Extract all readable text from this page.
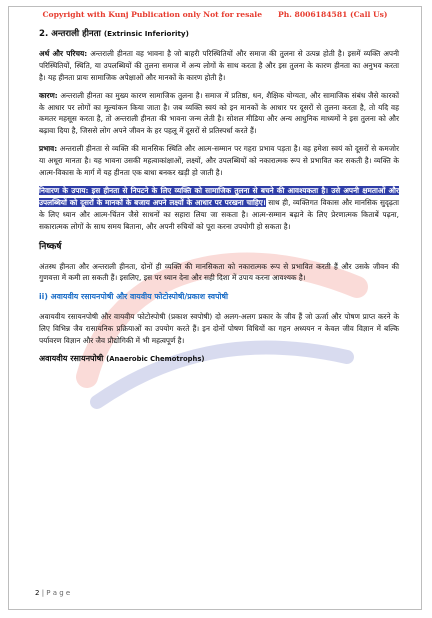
Copyright with Kunj Publication only Not for resale Ph. 8006184581 (Call Us)
2. अन्तराली हीनता (Extrinsic Inferiority)

अर्थ और परिचय: अन्तराली हीनता वह भावना है जो बाहरी परिस्थितियों और समाज की तुलना से उत्पन्न होती है। इसमें व्यक्ति अपनी परिस्थितियों, स्थिति, या उपलब्धियों की तुलना समाज में अन्य लोगों के साथ करता है और इस तुलना के कारण हीनता का अनुभव करता है। यह हीनता प्रायः सामाजिक अपेक्षाओं और मानकों के कारण होती है।

कारण: अन्तराली हीनता का मुख्य कारण सामाजिक तुलना है। समाज में प्रतिष्ठा, धन, शैक्षिक योग्यता, और सामाजिक संबंध जैसे कारकों के आधार पर लोगों का मूल्यांकन किया जाता है। जब व्यक्ति स्वयं को इन मानकों के आधार पर दूसरों से तुलना करता है, तो यदि वह कमतर महसूस करता है, तो अन्तराली हीनता की भावना जन्म लेती है। सोशल मीडिया और अन्य आधुनिक माध्यमों ने इस तुलना को और बढ़ावा दिया है, जिससे लोग अपने जीवन के हर पहलू में दूसरों से प्रतिस्पर्धा करते हैं।

प्रभाव: अन्तराली हीनता से व्यक्ति की मानसिक स्थिति और आत्म-सम्मान पर गहरा प्रभाव पड़ता है। वह हमेशा स्वयं को दूसरों से कमजोर या अधूरा मानता है। यह भावना उसकी महत्वाकांक्षाओं, लक्ष्यों, और उपलब्धियों को नकारात्मक रूप से प्रभावित कर सकती है। व्यक्ति के आत्म-विकास के मार्ग में यह हीनता एक बाधा बनकर खड़ी हो जाती है।

निवारण के उपाय: इस हीनता से निपटने के लिए व्यक्ति को सामाजिक तुलना से बचने की आवश्यकता है। उसे अपनी क्षमताओं और उपलब्धियों को दूसरों के मानकों के बजाय अपने लक्ष्यों के आधार पर परखना चाहिए। साथ ही, व्यक्तिगत विकास और मानसिक सुदृढ़ता के लिए ध्यान और आत्म-चिंतन जैसे साधनों का सहारा लिया जा सकता है। आत्म-सम्मान बढ़ाने के लिए प्रेरणात्मक किताबें पढ़ना, सकारात्मक लोगों के साथ समय बिताना, और अपनी रुचियों को पूरा करना उपयोगी हो सकता है।

निष्कर्ष

अंतस्थ हीनता और अन्तराली हीनता, दोनों ही व्यक्ति की मानसिकता को नकारात्मक रूप से प्रभावित करती हैं और उसके जीवन की गुणवत्ता में कमी ला सकती हैं। इसलिए, इस पर ध्यान देना और सही दिशा में उपाय करना आवश्यक है।

ii) अवायवीय रसायनपोषी और वायवीय फोटोस्पोषी/प्रकाश स्वपोषी

अवायवीय रसायनपोषी और वायवीय फोटोस्पोषी (प्रकाश स्वपोषी) दो अलग-अलग प्रकार के जीव हैं जो ऊर्जा और पोषण प्राप्त करने के लिए विभिन्न जैव रासायनिक प्रक्रियाओं का उपयोग करते हैं। इन दोनों पोषण विधियों का गहन अध्ययन न केवल जीव विज्ञान में बल्कि पर्यावरण विज्ञान और जैव प्रौद्योगिकी में भी महत्वपूर्ण है।

अवायवीय रसायनपोषी (Anaerobic Chemotrophs)
2 | P a g e
